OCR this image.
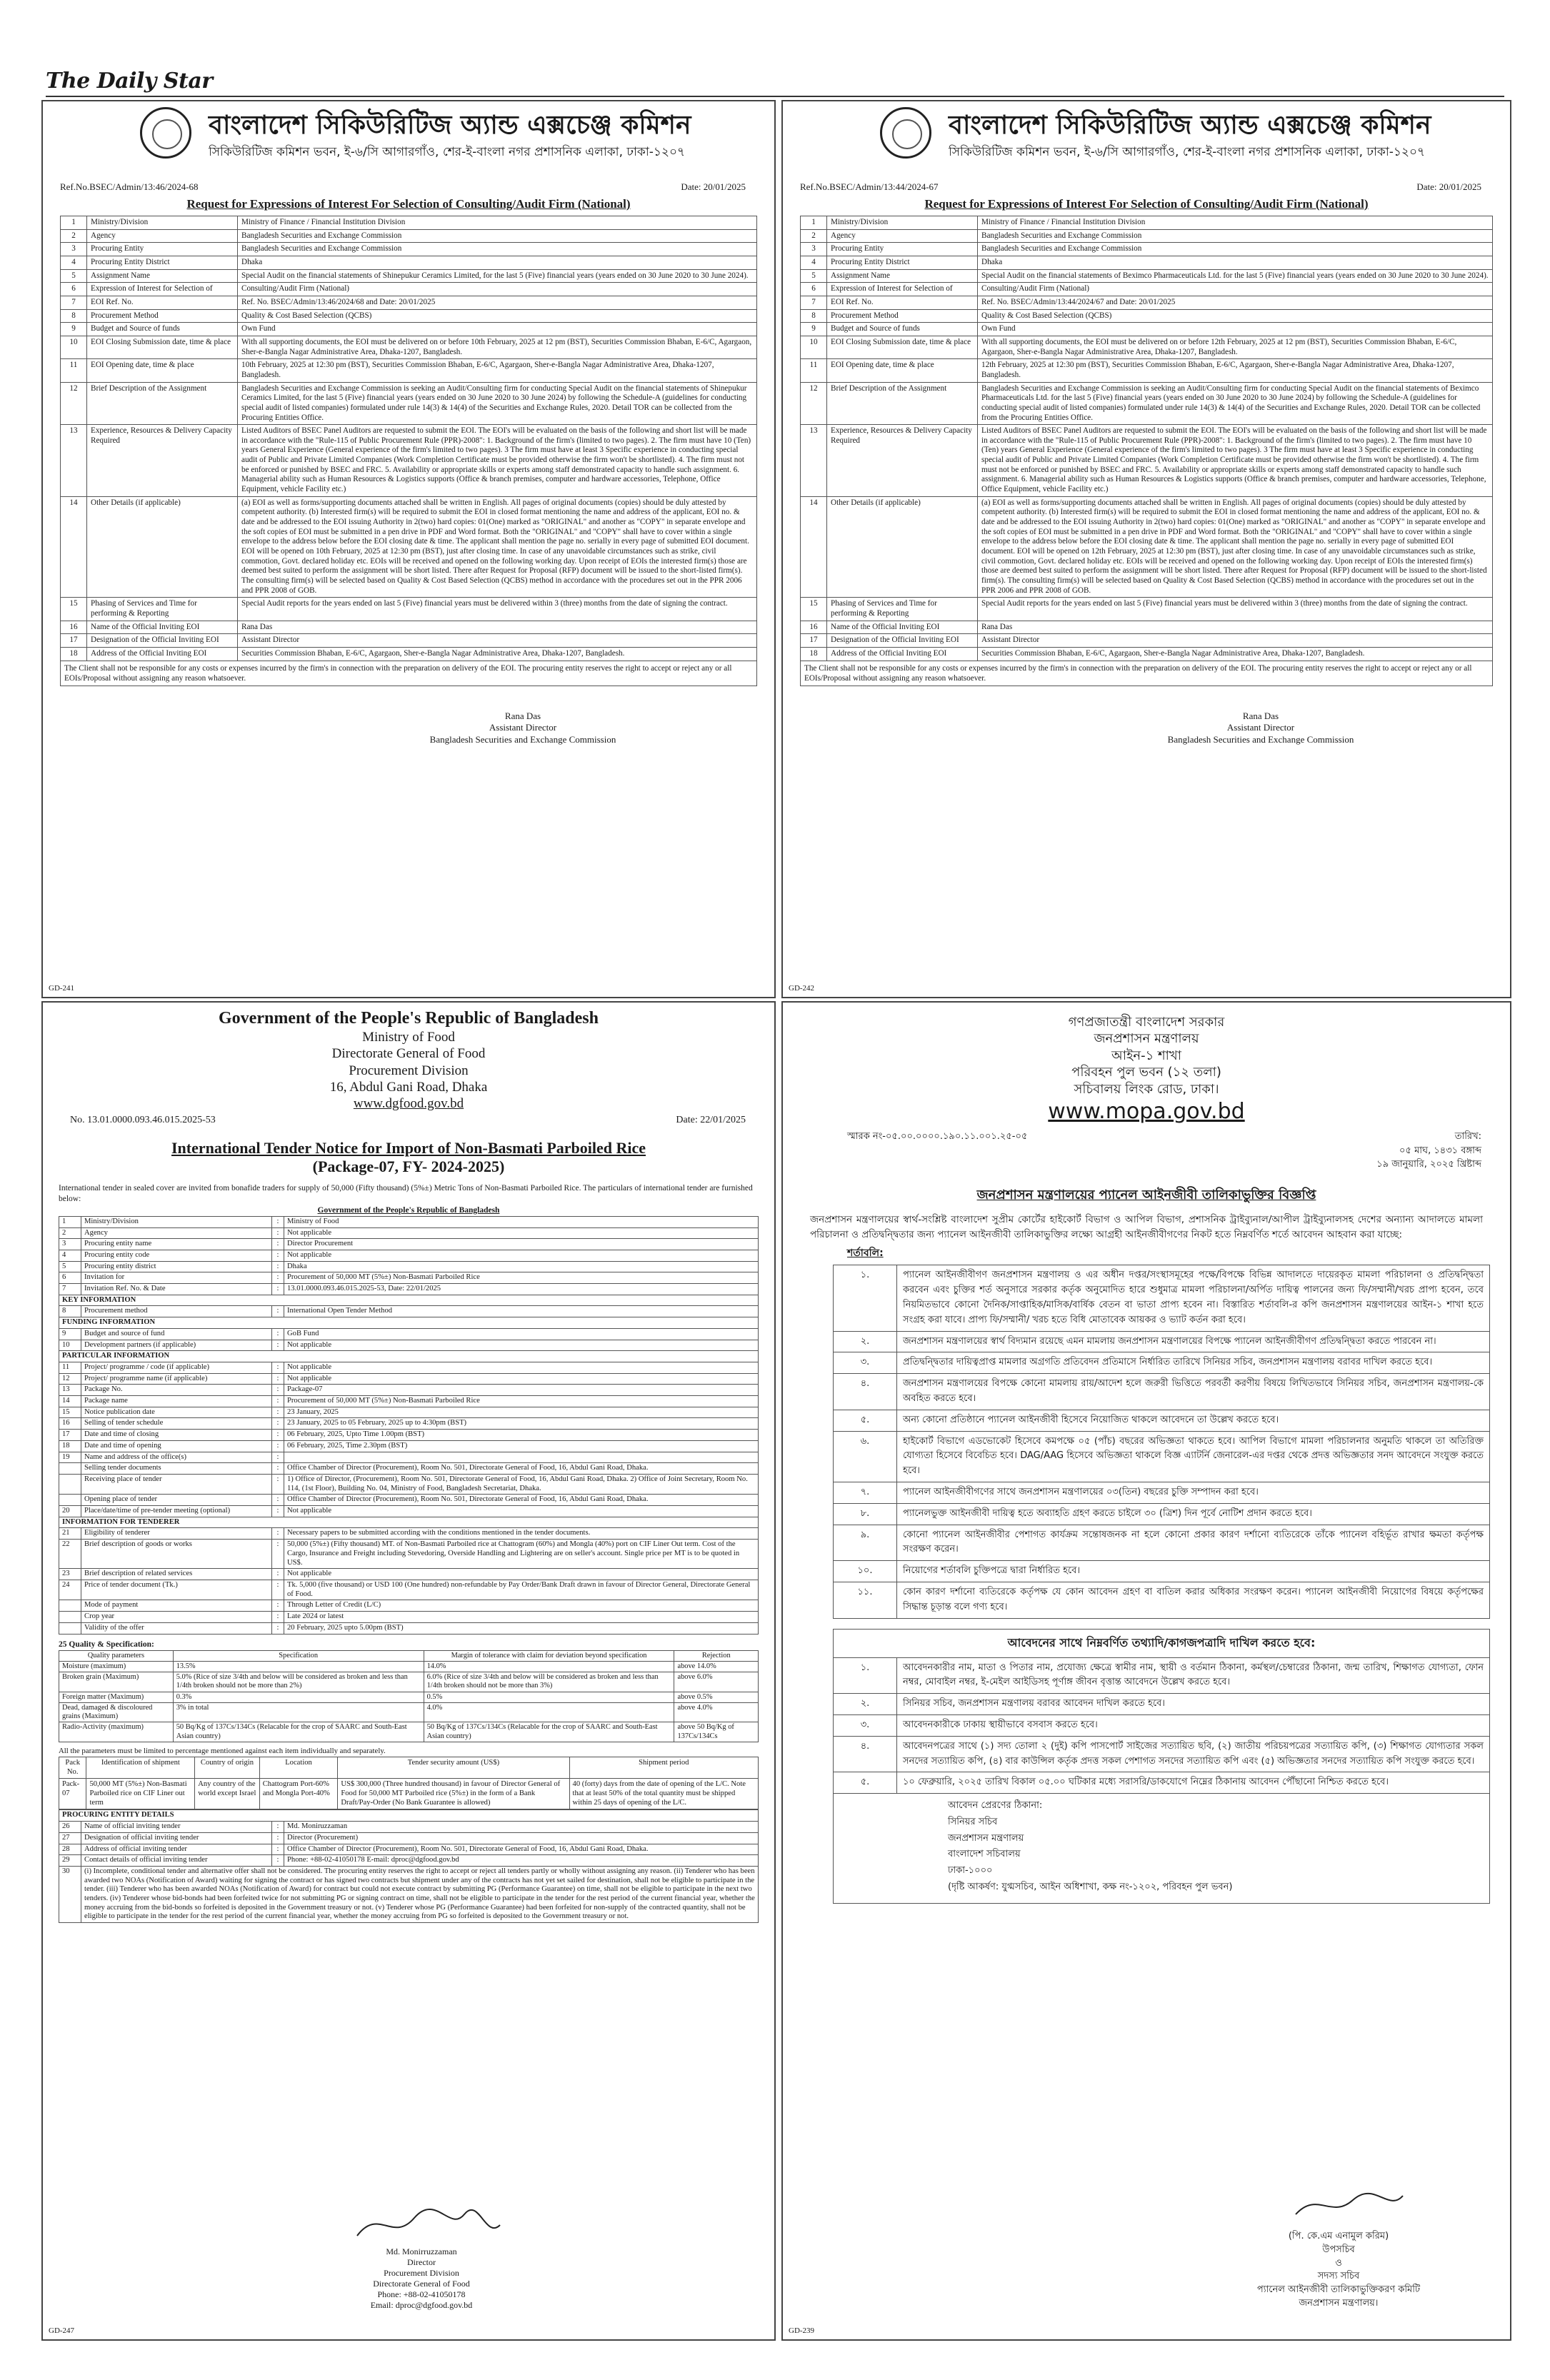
The Daily Star
বাংলাদেশ সিকিউরিটিজ অ্যান্ড এক্সচেঞ্জ কমিশন
সিকিউরিটিজ কমিশন ভবন, ই-৬/সি আগারগাঁও, শের-ই-বাংলা নগর প্রশাসনিক এলাকা, ঢাকা-১২০৭
Ref.No.BSEC/Admin/13:46/2024-68	Date: 20/01/2025
Request for Expressions of Interest For Selection of Consulting/Audit Firm (National)
1	Ministry/Division	Ministry of Finance / Financial Institution Division
2	Agency	Bangladesh Securities and Exchange Commission
3	Procuring Entity	Bangladesh Securities and Exchange Commission
4	Procuring Entity District	Dhaka
5	Assignment Name	Special Audit on the financial statements of Shinepukur Ceramics Limited, for the last 5 (Five) financial years (years ended on 30 June 2020 to 30 June 2024).
6	Expression of Interest for Selection of	Consulting/Audit Firm (National)
7	EOI Ref. No.	Ref. No. BSEC/Admin/13:46/2024/68 and Date: 20/01/2025
8	Procurement Method	Quality & Cost Based Selection (QCBS)
9	Budget and Source of funds	Own Fund
10	EOI Closing Submission date, time & place	With all supporting documents, the EOI must be delivered on or before 10th February, 2025 at 12 pm (BST), Securities Commission Bhaban, E-6/C, Agargaon, Sher-e-Bangla Nagar Administrative Area, Dhaka-1207, Bangladesh.
11	EOI Opening date, time & place	10th February, 2025 at 12:30 pm (BST), Securities Commission Bhaban, E-6/C, Agargaon, Sher-e-Bangla Nagar Administrative Area, Dhaka-1207, Bangladesh.
12	Brief Description of the Assignment	Bangladesh Securities and Exchange Commission is seeking an Audit/Consulting firm for conducting Special Audit on the financial statements of Shinepukur Ceramics Limited, for the last 5 (Five) financial years (years ended on 30 June 2020 to 30 June 2024) by following the Schedule-A (guidelines for conducting special audit of listed companies) formulated under rule 14(3) & 14(4) of the Securities and Exchange Rules, 2020. Detail TOR can be collected from the Procuring Entities Office.
13	Experience, Resources & Delivery Capacity Required	Listed Auditors of BSEC Panel Auditors are requested to submit the EOI. The EOI's will be evaluated on the basis of the following and short list will be made in accordance with the "Rule-115 of Public Procurement Rule (PPR)-2008": 1. Background of the firm's (limited to two pages). 2. The firm must have 10 (Ten) years General Experience (General experience of the firm's limited to two pages). 3 The firm must have at least 3 Specific experience in conducting special audit of Public and Private Limited Companies (Work Completion Certificate must be provided otherwise the firm won't be shortlisted). 4. The firm must not be enforced or punished by BSEC and FRC. 5. Availability or appropriate skills or experts among staff demonstrated capacity to handle such assignment. 6. Managerial ability such as Human Resources & Logistics supports (Office & branch premises, computer and hardware accessories, Telephone, Office Equipment, vehicle Facility etc.)
14	Other Details (if applicable)	(a) EOI as well as forms/supporting documents attached shall be written in English. All pages of original documents (copies) should be duly attested by competent authority. (b) Interested firm(s) will be required to submit the EOI in closed format mentioning the name and address of the applicant, EOI no. & date and be addressed to the EOI issuing Authority in 2(two) hard copies: 01(One) marked as "ORIGINAL" and another as "COPY" in separate envelope and the soft copies of EOI must be submitted in a pen drive in PDF and Word format. Both the "ORIGINAL" and "COPY" shall have to cover within a single envelope to the address below before the EOI closing date & time. The applicant shall mention the page no. serially in every page of submitted EOI document. EOI will be opened on 10th February, 2025 at 12:30 pm (BST), just after closing time. In case of any unavoidable circumstances such as strike, civil commotion, Govt. declared holiday etc. EOIs will be received and opened on the following working day. Upon receipt of EOIs the interested firm(s) those are deemed best suited to perform the assignment will be short listed. There after Request for Proposal (RFP) document will be issued to the short-listed firm(s). The consulting firm(s) will be selected based on Quality & Cost Based Selection (QCBS) method in accordance with the procedures set out in the PPR 2006 and PPR 2008 of GOB.
15	Phasing of Services and Time for performing & Reporting	Special Audit reports for the years ended on last 5 (Five) financial years must be delivered within 3 (three) months from the date of signing the contract.
16	Name of the Official Inviting EOI	Rana Das
17	Designation of the Official Inviting EOI	Assistant Director
18	Address of the Official Inviting EOI	Securities Commission Bhaban, E-6/C, Agargaon, Sher-e-Bangla Nagar Administrative Area, Dhaka-1207, Bangladesh.
The Client shall not be responsible for any costs or expenses incurred by the firm's in connection with the preparation on delivery of the EOI. The procuring entity reserves the right to accept or reject any or all EOIs/Proposal without assigning any reason whatsoever.
Rana Das
Assistant Director
Bangladesh Securities and Exchange Commission
GD-241
বাংলাদেশ সিকিউরিটিজ অ্যান্ড এক্সচেঞ্জ কমিশন
সিকিউরিটিজ কমিশন ভবন, ই-৬/সি আগারগাঁও, শের-ই-বাংলা নগর প্রশাসনিক এলাকা, ঢাকা-১২০৭
Ref.No.BSEC/Admin/13:44/2024-67	Date: 20/01/2025
Request for Expressions of Interest For Selection of Consulting/Audit Firm (National)
1	Ministry/Division	Ministry of Finance / Financial Institution Division
2	Agency	Bangladesh Securities and Exchange Commission
3	Procuring Entity	Bangladesh Securities and Exchange Commission
4	Procuring Entity District	Dhaka
5	Assignment Name	Special Audit on the financial statements of Beximco Pharmaceuticals Ltd. for the last 5 (Five) financial years (years ended on 30 June 2020 to 30 June 2024).
6	Expression of Interest for Selection of	Consulting/Audit Firm (National)
7	EOI Ref. No.	Ref. No. BSEC/Admin/13:44/2024/67 and Date: 20/01/2025
8	Procurement Method	Quality & Cost Based Selection (QCBS)
9	Budget and Source of funds	Own Fund
10	EOI Closing Submission date, time & place	With all supporting documents, the EOI must be delivered on or before 12th February, 2025 at 12 pm (BST), Securities Commission Bhaban, E-6/C, Agargaon, Sher-e-Bangla Nagar Administrative Area, Dhaka-1207, Bangladesh.
11	EOI Opening date, time & place	12th February, 2025 at 12:30 pm (BST), Securities Commission Bhaban, E-6/C, Agargaon, Sher-e-Bangla Nagar Administrative Area, Dhaka-1207, Bangladesh.
12	Brief Description of the Assignment	Bangladesh Securities and Exchange Commission is seeking an Audit/Consulting firm for conducting Special Audit on the financial statements of Beximco Pharmaceuticals Ltd. for the last 5 (Five) financial years (years ended on 30 June 2020 to 30 June 2024) by following the Schedule-A (guidelines for conducting special audit of listed companies) formulated under rule 14(3) & 14(4) of the Securities and Exchange Rules, 2020. Detail TOR can be collected from the Procuring Entities Office.
13	Experience, Resources & Delivery Capacity Required	Listed Auditors of BSEC Panel Auditors are requested to submit the EOI. The EOI's will be evaluated on the basis of the following and short list will be made in accordance with the "Rule-115 of Public Procurement Rule (PPR)-2008": 1. Background of the firm's (limited to two pages). 2. The firm must have 10 (Ten) years General Experience (General experience of the firm's limited to two pages). 3 The firm must have at least 3 Specific experience in conducting special audit of Public and Private Limited Companies (Work Completion Certificate must be provided otherwise the firm won't be shortlisted). 4. The firm must not be enforced or punished by BSEC and FRC. 5. Availability or appropriate skills or experts among staff demonstrated capacity to handle such assignment. 6. Managerial ability such as Human Resources & Logistics supports (Office & branch premises, computer and hardware accessories, Telephone, Office Equipment, vehicle Facility etc.)
14	Other Details (if applicable)	(a) EOI as well as forms/supporting documents attached shall be written in English. All pages of original documents (copies) should be duly attested by competent authority. (b) Interested firm(s) will be required to submit the EOI in closed format mentioning the name and address of the applicant, EOI no. & date and be addressed to the EOI issuing Authority in 2(two) hard copies: 01(One) marked as "ORIGINAL" and another as "COPY" in separate envelope and the soft copies of EOI must be submitted in a pen drive in PDF and Word format. Both the "ORIGINAL" and "COPY" shall have to cover within a single envelope to the address below before the EOI closing date & time. The applicant shall mention the page no. serially in every page of submitted EOI document. EOI will be opened on 12th February, 2025 at 12:30 pm (BST), just after closing time. In case of any unavoidable circumstances such as strike, civil commotion, Govt. declared holiday etc. EOIs will be received and opened on the following working day. Upon receipt of EOIs the interested firm(s) those are deemed best suited to perform the assignment will be short listed. There after Request for Proposal (RFP) document will be issued to the short-listed firm(s). The consulting firm(s) will be selected based on Quality & Cost Based Selection (QCBS) method in accordance with the procedures set out in the PPR 2006 and PPR 2008 of GOB.
15	Phasing of Services and Time for performing & Reporting	Special Audit reports for the years ended on last 5 (Five) financial years must be delivered within 3 (three) months from the date of signing the contract.
16	Name of the Official Inviting EOI	Rana Das
17	Designation of the Official Inviting EOI	Assistant Director
18	Address of the Official Inviting EOI	Securities Commission Bhaban, E-6/C, Agargaon, Sher-e-Bangla Nagar Administrative Area, Dhaka-1207, Bangladesh.
The Client shall not be responsible for any costs or expenses incurred by the firm's in connection with the preparation on delivery of the EOI. The procuring entity reserves the right to accept or reject any or all EOIs/Proposal without assigning any reason whatsoever.
Rana Das
Assistant Director
Bangladesh Securities and Exchange Commission
GD-242
Government of the People's Republic of Bangladesh
Ministry of Food
Directorate General of Food
Procurement Division
16, Abdul Gani Road, Dhaka
www.dgfood.gov.bd
No. 13.01.0000.093.46.015.2025-53	Date: 22/01/2025
International Tender Notice for Import of Non-Basmati Parboiled Rice
(Package-07, FY- 2024-2025)
International tender in sealed cover are invited from bonafide traders for supply of 50,000 (Fifty thousand) (5%±) Metric Tons of Non-Basmati Parboiled Rice. The particulars of international tender are furnished below:
Government of the People's Republic of Bangladesh
1	Ministry/Division	:	Ministry of Food
2	Agency	:	Not applicable
3	Procuring entity name	:	Director Procurement
4	Procuring entity code	:	Not applicable
5	Procuring entity district	:	Dhaka
6	Invitation for	:	Procurement of 50,000 MT (5%±) Non-Basmati Parboiled Rice
7	Invitation Ref. No. & Date	:	13.01.0000.093.46.015.2025-53, Date: 22/01/2025
KEY INFORMATION			
8	Procurement method	:	International Open Tender Method
FUNDING INFORMATION			
9	Budget and source of fund	:	GoB Fund
10	Development partners (if applicable)	:	Not applicable
PARTICULAR INFORMATION			
11	Project/ programme / code (if applicable)	:	Not applicable
12	Project/ programme name (if applicable)	:	Not applicable
13	Package No.	:	Package-07
14	Package name	:	Procurement of 50,000 MT (5%±) Non-Basmati Parboiled Rice
15	Notice publication date	:	23 January, 2025
16	Selling of tender schedule	:	23 January, 2025 to 05 February, 2025 up to 4:30pm (BST)
17	Date and time of closing	:	06 February, 2025, Upto Time 1.00pm (BST)
18	Date and time of opening	:	06 February, 2025, Time 2.30pm (BST)
19	Name and address of the office(s)	:	
	Selling tender documents	:	Office Chamber of Director (Procurement), Room No. 501, Directorate General of Food, 16, Abdul Gani Road, Dhaka.
	Receiving place of tender	:	1) Office of Director, (Procurement), Room No. 501, Directorate General of Food, 16, Abdul Gani Road, Dhaka. 2) Office of Joint Secretary, Room No. 114, (1st Floor), Building No. 04, Ministry of Food, Bangladesh Secretariat, Dhaka.
	Opening place of tender	:	Office Chamber of Director (Procurement), Room No. 501, Directorate General of Food, 16, Abdul Gani Road, Dhaka.
20	Place/date/time of pre-tender meeting (optional)	:	Not applicable
INFORMATION FOR TENDERER			
21	Eligibility of tenderer	:	Necessary papers to be submitted according with the conditions mentioned in the tender documents.
22	Brief description of goods or works	:	50,000 (5%±) (Fifty thousand) MT. of Non-Basmati Parboiled rice at Chattogram (60%) and Mongla (40%) port on CIF Liner Out term. Cost of the Cargo, Insurance and Freight including Stevedoring, Overside Handling and Lightering are on seller's account. Single price per MT is to be quoted in US$.
23	Brief description of related services	:	Not applicable
24	Price of tender document (Tk.)	:	Tk. 5,000 (five thousand) or USD 100 (One hundred) non-refundable by Pay Order/Bank Draft drawn in favour of Director General, Directorate General of Food.
	Mode of payment	:	Through Letter of Credit (L/C)
	Crop year	:	Late 2024 or latest
	Validity of the offer	:	20 February, 2025 upto 5.00pm (BST)
25 Quality & Specification:
Quality parameters	Specification	Margin of tolerance with claim for deviation beyond specification	Rejection
Moisture (maximum)	13.5%	14.0%	above 14.0%
Broken grain (Maximum)	5.0% (Rice of size 3/4th and below will be considered as broken and less than 1/4th broken should not be more than 2%)	6.0% (Rice of size 3/4th and below will be considered as broken and less than 1/4th broken should not be more than 3%)	above 6.0%
Foreign matter (Maximum)	0.3%	0.5%	above 0.5%
Dead, damaged & discoloured grains (Maximum)	3% in total	4.0%	above 4.0%
Radio-Activity (maximum)	50 Bq/Kg of 137Cs/134Cs (Relacable for the crop of SAARC and South-East Asian country)	50 Bq/Kg of 137Cs/134Cs (Relacable for the crop of SAARC and South-East Asian country)	above 50 Bq/Kg of 137Cs/134Cs
All the parameters must be limited to percentage mentioned against each item individually and separately.
Pack No.	Identification of shipment	Country of origin	Location	Tender security amount (US$)	Shipment period
Pack-07	50,000 MT (5%±) Non-Basmati Parboiled rice on CIF Liner out term	Any country of the world except Israel	Chattogram Port-60% and Mongla Port-40%	US$ 300,000 (Three hundred thousand) in favour of Director General of Food for 50,000 MT Parboiled rice (5%±) in the form of a Bank Draft/Pay-Order (No Bank Guarantee is allowed)	40 (forty) days from the date of opening of the L/C. Note that at least 50% of the total quantity must be shipped within 25 days of opening of the L/C.
PROCURING ENTITY DETAILS			
26	Name of official inviting tender	:	Md. Moniruzzaman
27	Designation of official inviting tender	:	Director (Procurement)
28	Address of official inviting tender	:	Office Chamber of Director (Procurement), Room No. 501, Directorate General of Food, 16, Abdul Gani Road, Dhaka.
29	Contact details of official inviting tender	:	Phone: +88-02-41050178 E-mail: dproc@dgfood.gov.bd
30	(i) Incomplete, conditional tender and alternative offer shall not be considered. The procuring entity reserves the right to accept or reject all tenders partly or wholly without assigning any reason. (ii) Tenderer who has been awarded two NOAs (Notification of Award) waiting for signing the contract or has signed two contracts but shipment under any of the contracts has not yet set sailed for destination, shall not be eligible to participate in the tender. (iii) Tenderer who has been awarded NOAs (Notification of Award) for contract but could not execute contract by submitting PG (Performance Guarantee) on time, shall not be eligible to participate in the next two tenders. (iv) Tenderer whose bid-bonds had been forfeited twice for not submitting PG or signing contract on time, shall not be eligible to participate in the tender for the rest period of the current financial year, whether the money accruing from the bid-bonds so forfeited is deposited in the Government treasury or not. (v) Tenderer whose PG (Performance Guarantee) had been forfeited for non-supply of the contracted quantity, shall not be eligible to participate in the tender for the rest period of the current financial year, whether the money accruing from PG so forfeited is deposited to the Government treasury or not.		
Md. Monirruzzaman
Director
Procurement Division
Directorate General of Food
Phone: +88-02-41050178
Email: dproc@dgfood.gov.bd
GD-247
গণপ্রজাতন্ত্রী বাংলাদেশ সরকার
জনপ্রশাসন মন্ত্রণালয়
আইন-১ শাখা
পরিবহন পুল ভবন (১২ তলা)
সচিবালয় লিংক রোড, ঢাকা।
www.mopa.gov.bd
স্মারক নং-০৫.০০.০০০০.১৯০.১১.০০১.২৫-০৫	তারিখ:
০৫ মাঘ, ১৪৩১ বঙ্গাব্দ
১৯ জানুয়ারি, ২০২৫ খ্রিষ্টাব্দ
জনপ্রশাসন মন্ত্রণালয়ের প্যানেল আইনজীবী তালিকাভুক্তির বিজ্ঞপ্তি
জনপ্রশাসন মন্ত্রণালয়ের স্বার্থ-সংশ্লিষ্ট বাংলাদেশ সুপ্রীম কোর্টের হাইকোর্ট বিভাগ ও আপিল বিভাগ, প্রশাসনিক ট্রাইব্যুনাল/আপীল ট্রাইব্যুনালসহ দেশের অন্যান্য আদালতে মামলা পরিচালনা ও প্রতিদ্বন্দ্বিতার জন্য প্যানেল আইনজীবী তালিকাভুক্তির লক্ষ্যে আগ্রহী আইনজীবীগণের নিকট হতে নিম্নবর্ণিত শর্তে আবেদন আহবান করা যাচ্ছে:
শর্তাবলি:
১.	প্যানেল আইনজীবীগণ জনপ্রশাসন মন্ত্রণালয় ও এর অধীন দপ্তর/সংস্থাসমূহের পক্ষে/বিপক্ষে বিভিন্ন আদালতে দায়েরকৃত মামলা পরিচালনা ও প্রতিদ্বন্দ্বিতা করবেন এবং চুক্তির শর্ত অনুসারে সরকার কর্তৃক অনুমোদিত হারে শুধুমাত্র মামলা পরিচালনা/অর্পিত দায়িত্ব পালনের জন্য ফি/সম্মানী/খরচ প্রাপ্য হবেন, তবে নিয়মিতভাবে কোনো দৈনিক/সাপ্তাহিক/মাসিক/বার্ষিক বেতন বা ভাতা প্রাপ্য হবেন না। বিস্তারিত শর্তাবলি-র কপি জনপ্রশাসন মন্ত্রণালয়ের আইন-১ শাখা হতে সংগ্রহ করা যাবে। প্রাপ্য ফি/সম্মানী/ খরচ হতে বিধি মোতাবেক আয়কর ও ভ্যাট কর্তন করা হবে।
২.	জনপ্রশাসন মন্ত্রণালয়ের স্বার্থ বিদ্যমান রয়েছে এমন মামলায় জনপ্রশাসন মন্ত্রণালয়ের বিপক্ষে প্যানেল আইনজীবীগণ প্রতিদ্বন্দ্বিতা করতে পারবেন না।
৩.	প্রতিদ্বন্দ্বিতার দায়িত্বপ্রাপ্ত মামলার অগ্রগতি প্রতিবেদন প্রতিমাসে নির্ধারিত তারিখে সিনিয়র সচিব, জনপ্রশাসন মন্ত্রণালয় বরাবর দাখিল করতে হবে।
৪.	জনপ্রশাসন মন্ত্রণালয়ের বিপক্ষে কোনো মামলায় রায়/আদেশ হলে জরুরী ভিত্তিতে পরবর্তী করণীয় বিষয়ে লিখিতভাবে সিনিয়র সচিব, জনপ্রশাসন মন্ত্রণালয়-কে অবহিত করতে হবে।
৫.	অন্য কোনো প্রতিষ্ঠানে প্যানেল আইনজীবী হিসেবে নিয়োজিত থাকলে আবেদনে তা উল্লেখ করতে হবে।
৬.	হাইকোর্ট বিভাগে এডভোকেট হিসেবে কমপক্ষে ০৫ (পাঁচ) বছরের অভিজ্ঞতা থাকতে হবে। আপিল বিভাগে মামলা পরিচালনার অনুমতি থাকলে তা অতিরিক্ত যোগ্যতা হিসেবে বিবেচিত হবে। DAG/AAG হিসেবে অভিজ্ঞতা থাকলে বিজ্ঞ এ্যাটর্নি জেনারেল-এর দপ্তর থেকে প্রদত্ত অভিজ্ঞতার সনদ আবেদনে সংযুক্ত করতে হবে।
৭.	প্যানেল আইনজীবীগণের সাথে জনপ্রশাসন মন্ত্রণালয়ের ০৩(তিন) বছরের চুক্তি সম্পাদন করা হবে।
৮.	প্যানেলভুক্ত আইনজীবী দায়িত্ব হতে অব্যাহতি গ্রহণ করতে চাইলে ৩০ (ত্রিশ) দিন পূর্বে নোটিশ প্রদান করতে হবে।
৯.	কোনো প্যানেল আইনজীবীর পেশাগত কার্যক্রম সন্তোষজনক না হলে কোনো প্রকার কারণ দর্শানো ব্যতিরেকে তাঁকে প্যানেল বহির্ভূত রাখার ক্ষমতা কর্তৃপক্ষ সংরক্ষণ করেন।
১০.	নিয়োগের শর্তাবলি চুক্তিপত্রে দ্বারা নির্ধারিত হবে।
১১.	কোন কারণ দর্শানো ব্যতিরেকে কর্তৃপক্ষ যে কোন আবেদন গ্রহণ বা বাতিল করার অধিকার সংরক্ষণ করেন। প্যানেল আইনজীবী নিয়োগের বিষয়ে কর্তৃপক্ষের সিদ্ধান্ত চূড়ান্ত বলে গণ্য হবে।
আবেদনের সাথে নিম্নবর্ণিত তথ্যাদি/কাগজপত্রাদি দাখিল করতে হবে:
১.	আবেদনকারীর নাম, মাতা ও পিতার নাম, প্রযোজ্য ক্ষেত্রে স্বামীর নাম, স্থায়ী ও বর্তমান ঠিকানা, কর্মস্থল/চেম্বারের ঠিকানা, জন্ম তারিখ, শিক্ষাগত যোগ্যতা, ফোন নম্বর, মোবাইল নম্বর, ই-মেইল আইডিসহ পূর্ণাঙ্গ জীবন বৃত্তান্ত আবেদনে উল্লেখ করতে হবে।
২.	সিনিয়র সচিব, জনপ্রশাসন মন্ত্রণালয় বরাবর আবেদন দাখিল করতে হবে।
৩.	আবেদনকারীকে ঢাকায় স্থায়ীভাবে বসবাস করতে হবে।
৪.	আবেদনপত্রের সাথে (১) সদ্য তোলা ২ (দুই) কপি পাসপোর্ট সাইজের সত্যায়িত ছবি, (২) জাতীয় পরিচয়পত্রের সত্যায়িত কপি, (৩) শিক্ষাগত যোগ্যতার সকল সনদের সত্যায়িত কপি, (৪) বার কাউন্সিল কর্তৃক প্রদত্ত সকল পেশাগত সনদের সত্যায়িত কপি এবং (৫) অভিজ্ঞতার সনদের সত্যায়িত কপি সংযুক্ত করতে হবে।
৫.	১০ ফেব্রুয়ারি, ২০২৫ তারিখ বিকাল ০৫.০০ ঘটিকার মধ্যে সরাসরি/ডাকযোগে নিম্নের ঠিকানায় আবেদন পৌঁছানো নিশ্চিত করতে হবে।
আবেদন প্রেরণের ঠিকানা:
সিনিয়র সচিব
জনপ্রশাসন মন্ত্রণালয়
বাংলাদেশ সচিবালয়
ঢাকা-১০০০
(দৃষ্টি আকর্ষণ: যুগ্মসচিব, আইন অধিশাখা, কক্ষ নং-১২০২, পরিবহন পুল ভবন)
(পি. কে.এম এনামুল করিম)
উপসচিব
ও
সদস্য সচিব
প্যানেল আইনজীবী তালিকাভুক্তিকরণ কমিটি
জনপ্রশাসন মন্ত্রণালয়।
GD-239
